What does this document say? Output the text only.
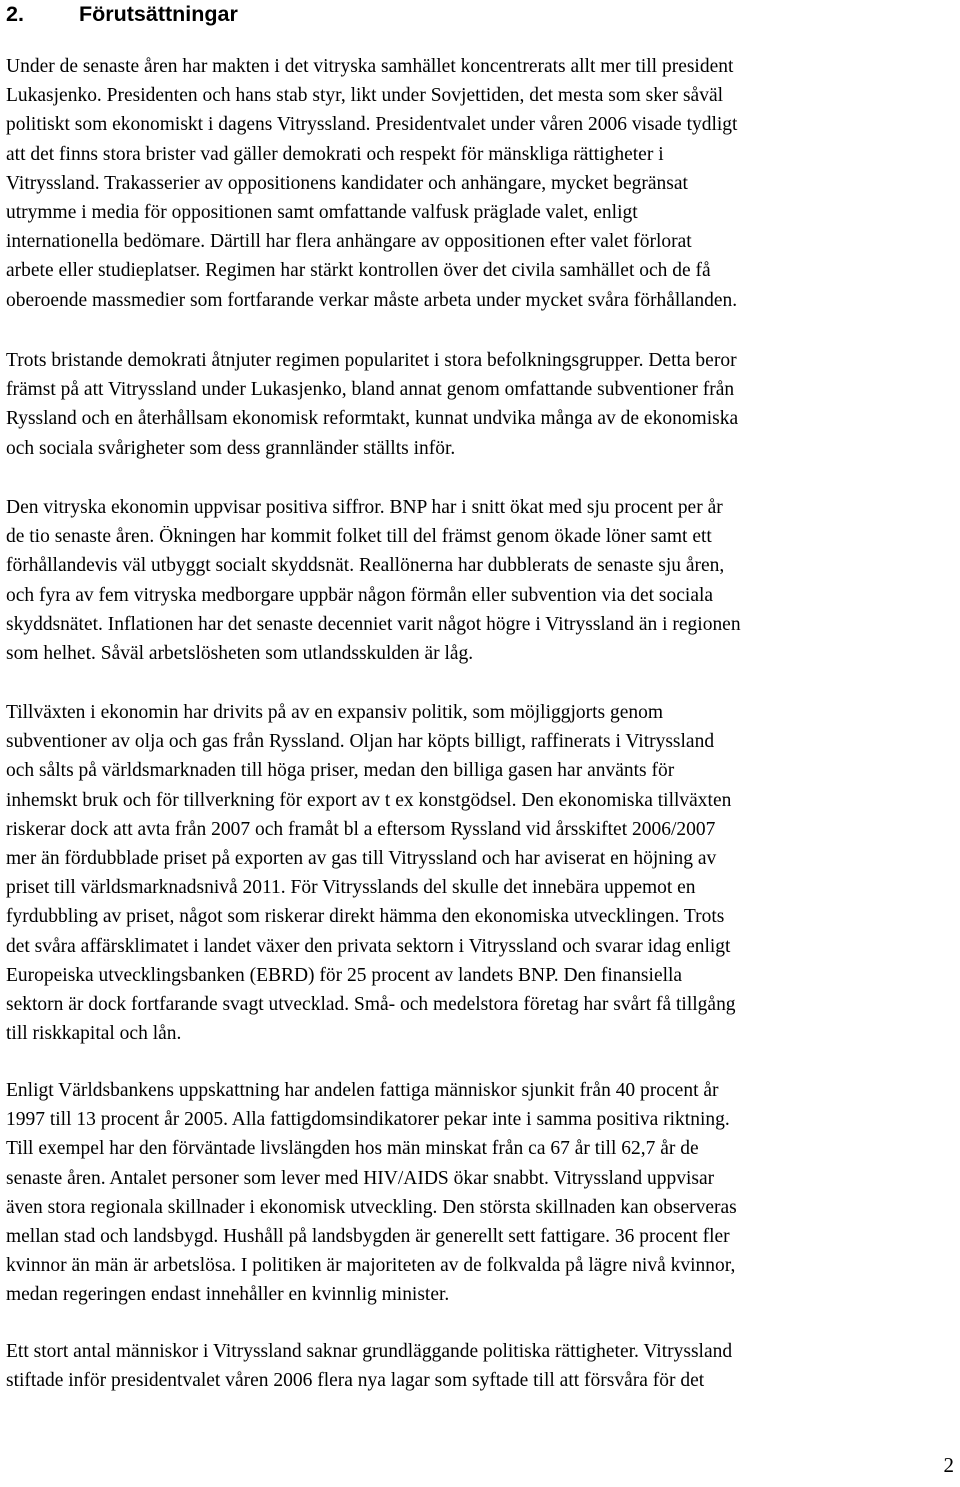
2.	Förutsättningar
Under de senaste åren har makten i det vitryska samhället koncentrerats allt mer till president
Lukasjenko. Presidenten och hans stab styr, likt under Sovjettiden, det mesta som sker såväl
politiskt som ekonomiskt i dagens Vitryssland. Presidentvalet under våren 2006 visade tydligt
att det finns stora brister vad gäller demokrati och respekt för mänskliga rättigheter i
Vitryssland. Trakasserier av oppositionens kandidater och anhängare, mycket begränsat
utrymme i media för oppositionen samt omfattande valfusk präglade valet, enligt
internationella bedömare. Därtill har flera anhängare av oppositionen efter valet förlorat
arbete eller studieplatser. Regimen har stärkt kontrollen över det civila samhället och de få
oberoende massmedier som fortfarande verkar måste arbeta under mycket svåra förhållanden.
Trots bristande demokrati åtnjuter regimen popularitet i stora befolkningsgrupper. Detta beror
främst på att Vitryssland under Lukasjenko, bland annat genom omfattande subventioner från
Ryssland och en återhållsam ekonomisk reformtakt, kunnat undvika många av de ekonomiska
och sociala svårigheter som dess grannländer ställts inför.
Den vitryska ekonomin uppvisar positiva siffror. BNP har i snitt ökat med sju procent per år
de tio senaste åren. Ökningen har kommit folket till del främst genom ökade löner samt ett
förhållandevis väl utbyggt socialt skyddsnät. Reallönerna har dubblerats de senaste sju åren,
och fyra av fem vitryska medborgare uppbär någon förmån eller subvention via det sociala
skyddsnätet. Inflationen har det senaste decenniet varit något högre i Vitryssland än i regionen
som helhet. Såväl arbetslösheten som utlandsskulden är låg.
Tillväxten i ekonomin har drivits på av en expansiv politik, som möjliggjorts genom
subventioner av olja och gas från Ryssland. Oljan har köpts billigt, raffinerats i Vitryssland
och sålts på världsmarknaden till höga priser, medan den billiga gasen har använts för
inhemskt bruk och för tillverkning för export av t ex konstgödsel. Den ekonomiska tillväxten
riskerar dock att avta från 2007 och framåt bl a eftersom Ryssland vid årsskiftet 2006/2007
mer än fördubblade priset på exporten av gas till Vitryssland och har aviserat en höjning av
priset till världsmarknadsnivå 2011. För Vitrysslands del skulle det innebära uppemot en
fyrdubbling av priset, något som riskerar direkt hämma den ekonomiska utvecklingen. Trots
det svåra affärsklimatet i landet växer den privata sektorn i Vitryssland och svarar idag enligt
Europeiska utvecklingsbanken (EBRD) för 25 procent av landets BNP. Den finansiella
sektorn är dock fortfarande svagt utvecklad. Små- och medelstora företag har svårt få tillgång
till riskkapital och lån.
Enligt Världsbankens uppskattning har andelen fattiga människor sjunkit från 40 procent år
1997 till 13 procent år 2005. Alla fattigdomsindikatorer pekar inte i samma positiva riktning.
Till exempel har den förväntade livslängden hos män minskat från ca 67 år till 62,7 år de
senaste åren. Antalet personer som lever med HIV/AIDS ökar snabbt. Vitryssland uppvisar
även stora regionala skillnader i ekonomisk utveckling. Den största skillnaden kan observeras
mellan stad och landsbygd. Hushåll på landsbygden är generellt sett fattigare. 36 procent fler
kvinnor än män är arbetslösa. I politiken är majoriteten av de folkvalda på lägre nivå kvinnor,
medan regeringen endast innehåller en kvinnlig minister.
Ett stort antal människor i Vitryssland saknar grundläggande politiska rättigheter. Vitryssland
stiftade inför presidentvalet våren 2006 flera nya lagar som syftade till att försvåra för det
2
